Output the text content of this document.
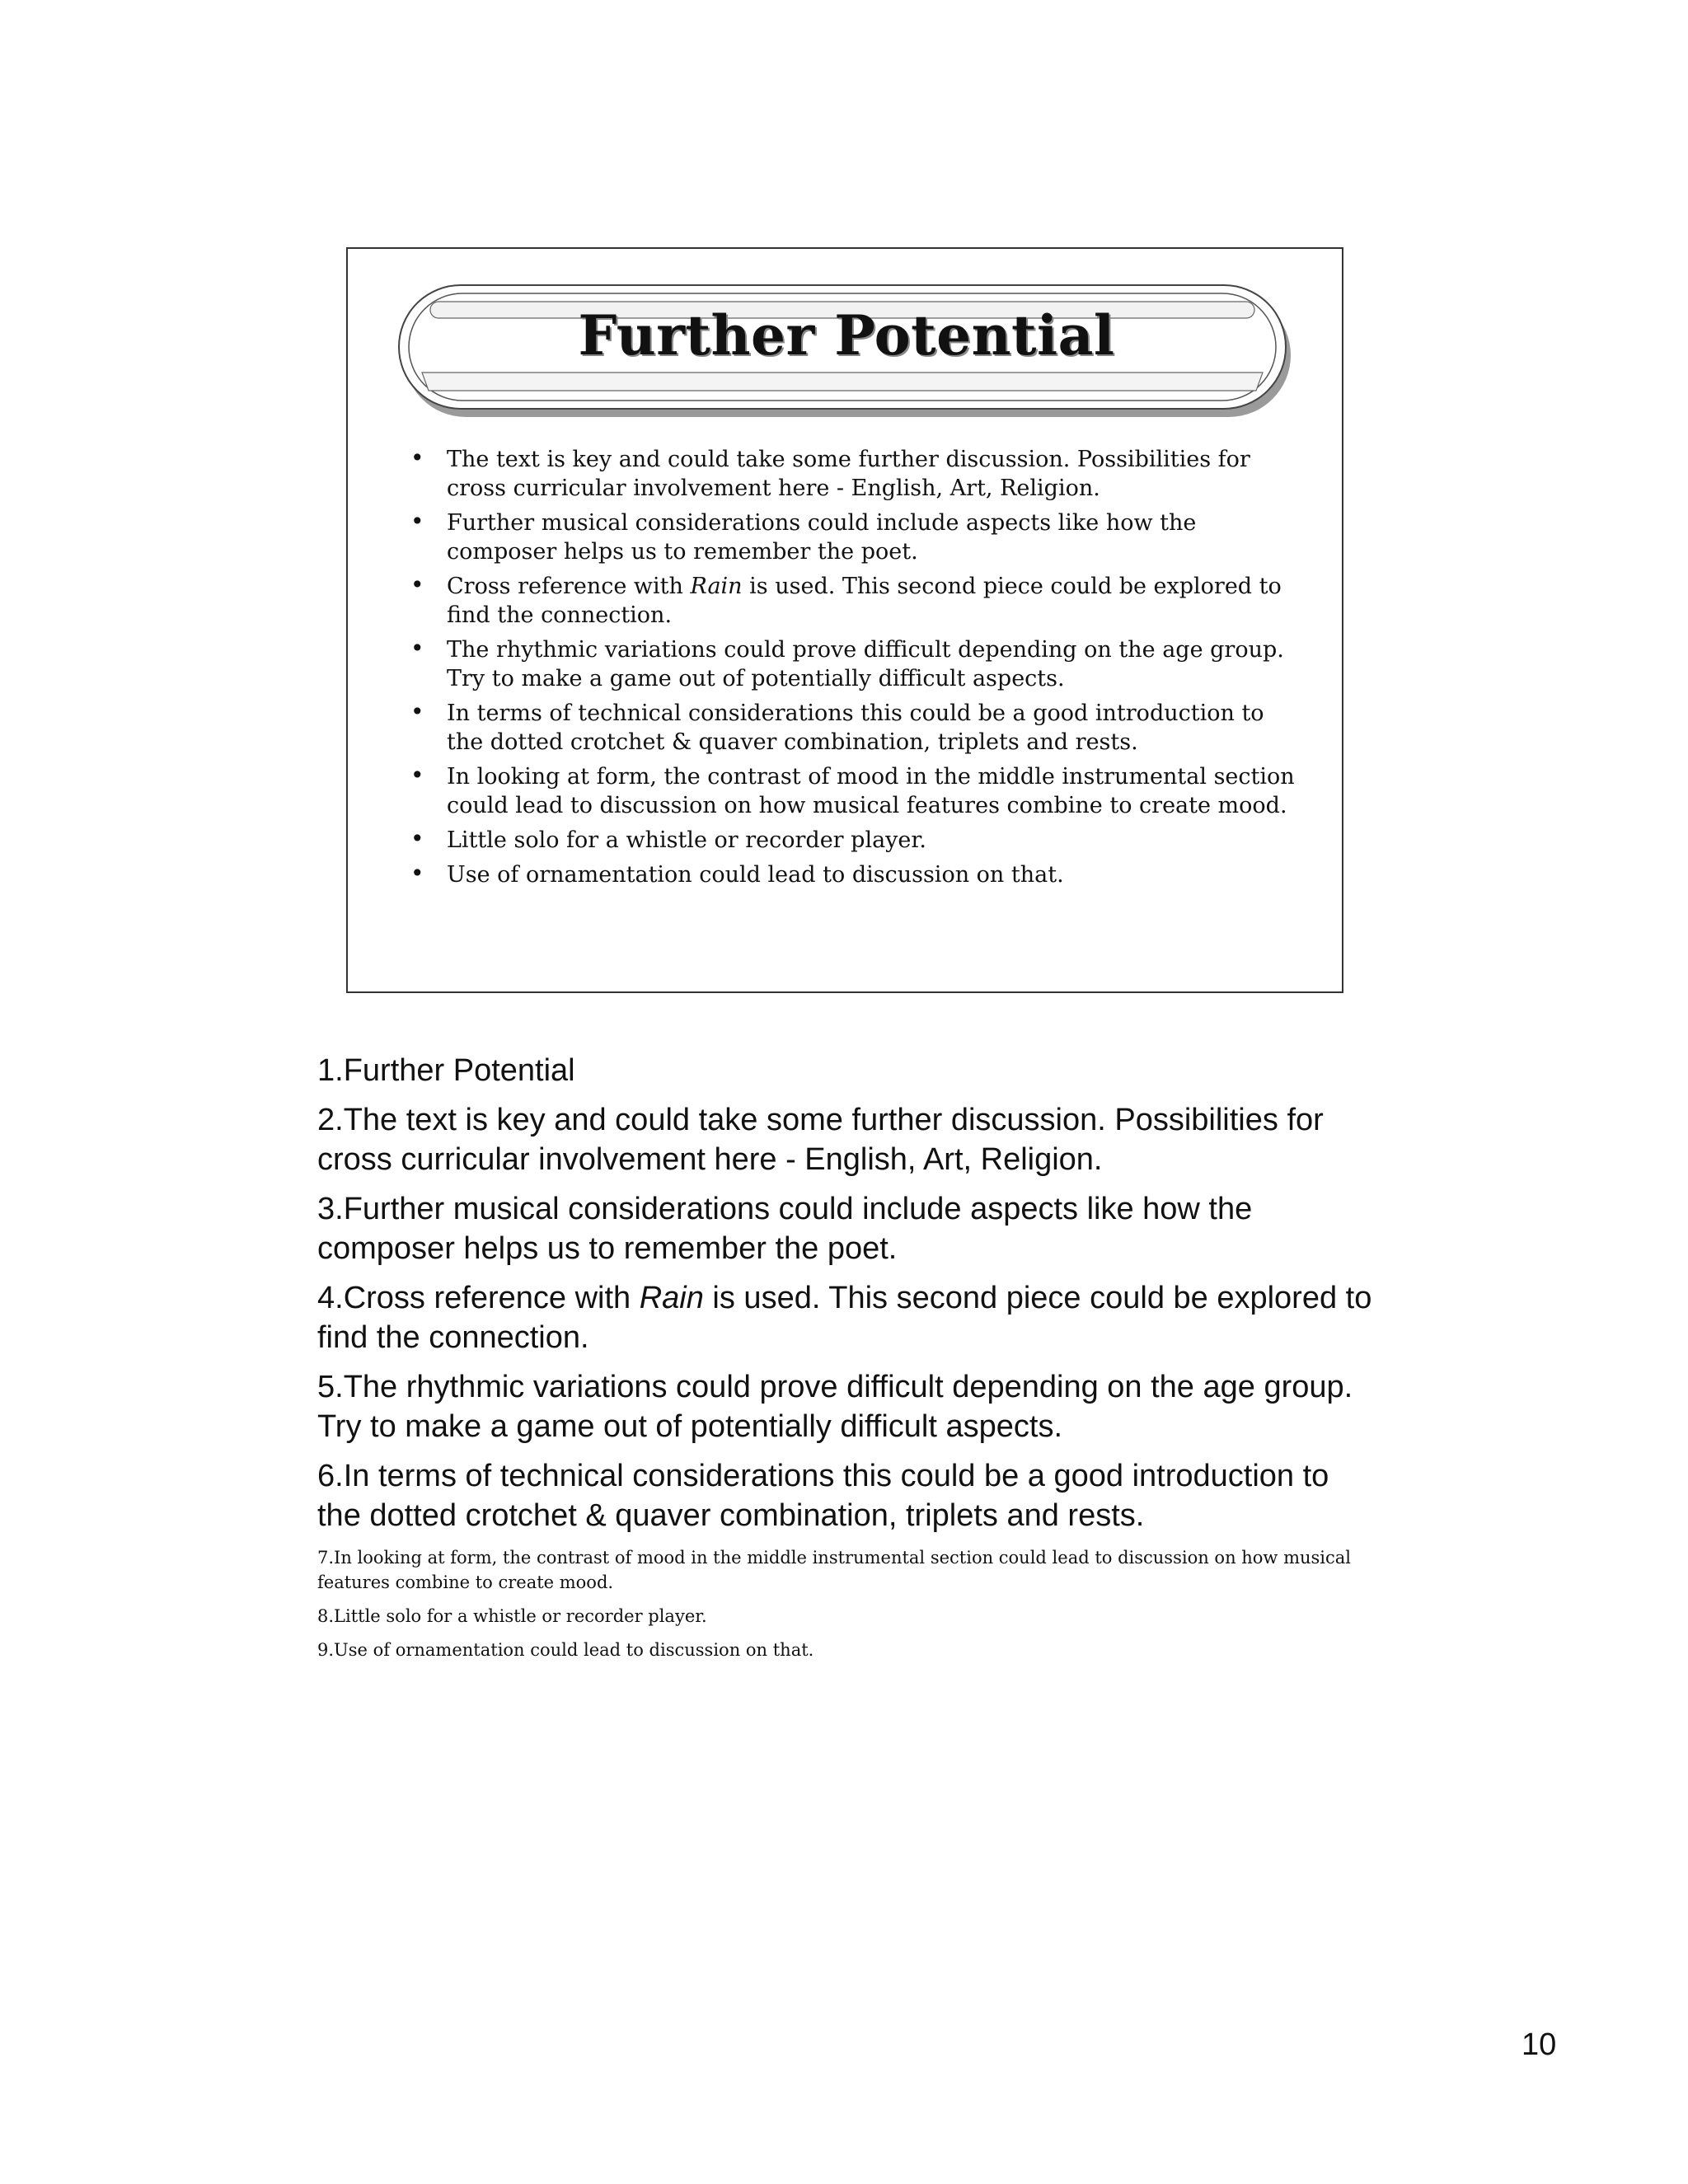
Further Potential
• The text is key and could take some further discussion. Possibilities for cross curricular involvement here - English, Art, Religion.
• Further musical considerations could include aspects like how the composer helps us to remember the poet.
• Cross reference with Rain is used. This second piece could be explored to find the connection.
• The rhythmic variations could prove difficult depending on the age group. Try to make a game out of potentially difficult aspects.
• In terms of technical considerations this could be a good introduction to the dotted crotchet & quaver combination, triplets and rests.
• In looking at form, the contrast of mood in the middle instrumental section could lead to discussion on how musical features combine to create mood.
• Little solo for a whistle or recorder player.
• Use of ornamentation could lead to discussion on that.

1.Further Potential

2.The text is key and could take some further discussion. Possibilities for cross curricular involvement here - English, Art, Religion.

3.Further musical considerations could include aspects like how the composer helps us to remember the poet.

4.Cross reference with Rain is used. This second piece could be explored to find the connection.

5.The rhythmic variations could prove difficult depending on the age group. Try to make a game out of potentially difficult aspects.

6.In terms of technical considerations this could be a good introduction to the dotted crotchet & quaver combination, triplets and rests.

7.In looking at form, the contrast of mood in the middle instrumental section could lead to discussion on how musical features combine to create mood.

8.Little solo for a whistle or recorder player.

9.Use of ornamentation could lead to discussion on that.

10
